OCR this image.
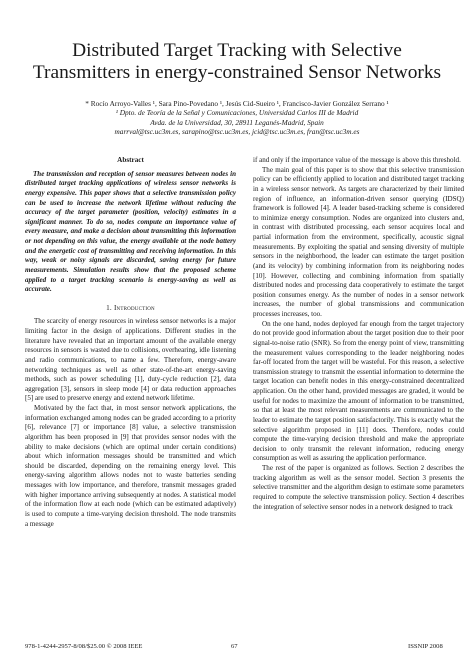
Distributed Target Tracking with Selective
Transmitters in energy-constrained Sensor Networks
* Rocío Arroyo-Valles ¹, Sara Pino-Povedano ¹, Jesús Cid-Sueiro ¹, Francisco-Javier González Serrano ¹
¹ Dpto. de Teoría de la Señal y Comunicaciones, Universidad Carlos III de Madrid
Avda. de la Universidad, 30, 28911 Leganés-Madrid, Spain
marrval@tsc.uc3m.es, sarapino@tsc.uc3m.es, jcid@tsc.uc3m.es, fran@tsc.uc3m.es
Abstract

The transmission and reception of sensor measures between nodes in distributed target tracking applications of wireless sensor networks is energy expensive. This paper shows that a selective transmission policy can be used to increase the network lifetime without reducing the accuracy of the target parameter (position, velocity) estimates in a significant manner. To do so, nodes compute an importance value of every measure, and make a decision about transmitting this information or not depending on this value, the energy available at the node battery and the energetic cost of transmitting and receiving information. In this way, weak or noisy signals are discarded, saving energy for future measurements. Simulation results show that the proposed scheme applied to a target tracking scenario is energy-saving as well as accurate.

1. Introduction

The scarcity of energy resources in wireless sensor networks is a major limiting factor in the design of applications. Different studies in the literature have revealed that an important amount of the available energy resources in sensors is wasted due to collisions, overhearing, idle listening and radio communications, to name a few. Therefore, energy-aware networking techniques as well as other state-of-the-art energy-saving methods, such as power scheduling [1], duty-cycle reduction [2], data aggregation [3], sensors in sleep mode [4] or data reduction approaches [5] are used to preserve energy and extend network lifetime.

Motivated by the fact that, in most sensor network applications, the information exchanged among nodes can be graded according to a priority [6], relevance [7] or importance [8] value, a selective transmission algorithm has been proposed in [9] that provides sensor nodes with the ability to make decisions (which are optimal under certain conditions) about which information messages should be transmitted and which should be discarded, depending on the remaining energy level. This energy-saving algorithm allows nodes not to waste batteries sending messages with low importance, and therefore, transmit messages graded with higher importance arriving subsequently at nodes. A statistical model of the information flow at each node (which can be estimated adaptively) is used to compute a time-varying decision threshold. The node transmits a message

if and only if the importance value of the message is above this threshold.

The main goal of this paper is to show that this selective transmission policy can be efficiently applied to location and distributed target tracking in a wireless sensor network. As targets are characterized by their limited region of influence, an information-driven sensor querying (IDSQ) framework is followed [4]. A leader based-tracking scheme is considered to minimize energy consumption. Nodes are organized into clusters and, in contrast with distributed processing, each sensor acquires local and partial information from the environment, specifically, acoustic signal measurements. By exploiting the spatial and sensing diversity of multiple sensors in the neighborhood, the leader can estimate the target position (and its velocity) by combining information from its neighboring nodes [10]. However, collecting and combining information from spatially distributed nodes and processing data cooperatively to estimate the target position consumes energy. As the number of nodes in a sensor network increases, the number of global transmissions and communication processes increases, too.

On the one hand, nodes deployed far enough from the target trajectory do not provide good information about the target position due to their poor signal-to-noise ratio (SNR). So from the energy point of view, transmitting the measurement values corresponding to the leader neighboring nodes far-off located from the target will be wasteful. For this reason, a selective transmission strategy to transmit the essential information to determine the target location can benefit nodes in this energy-constrained decentralized application. On the other hand, provided messages are graded, it would be useful for nodes to maximize the amount of information to be transmitted, so that at least the most relevant measurements are communicated to the leader to estimate the target position satisfactorily. This is exactly what the selective algorithm proposed in [11] does. Therefore, nodes could compute the time-varying decision threshold and make the appropriate decision to only transmit the relevant information, reducing energy consumption as well as assuring the application performance.

The rest of the paper is organized as follows. Section 2 describes the tracking algorithm as well as the sensor model. Section 3 presents the selective transmitter and the algorithm design to estimate some parameters required to compute the selective transmission policy. Section 4 describes the integration of selective sensor nodes in a network designed to track

978-1-4244-2957-8/08/$25.00 © 2008 IEEE	67	ISSNIP 2008
